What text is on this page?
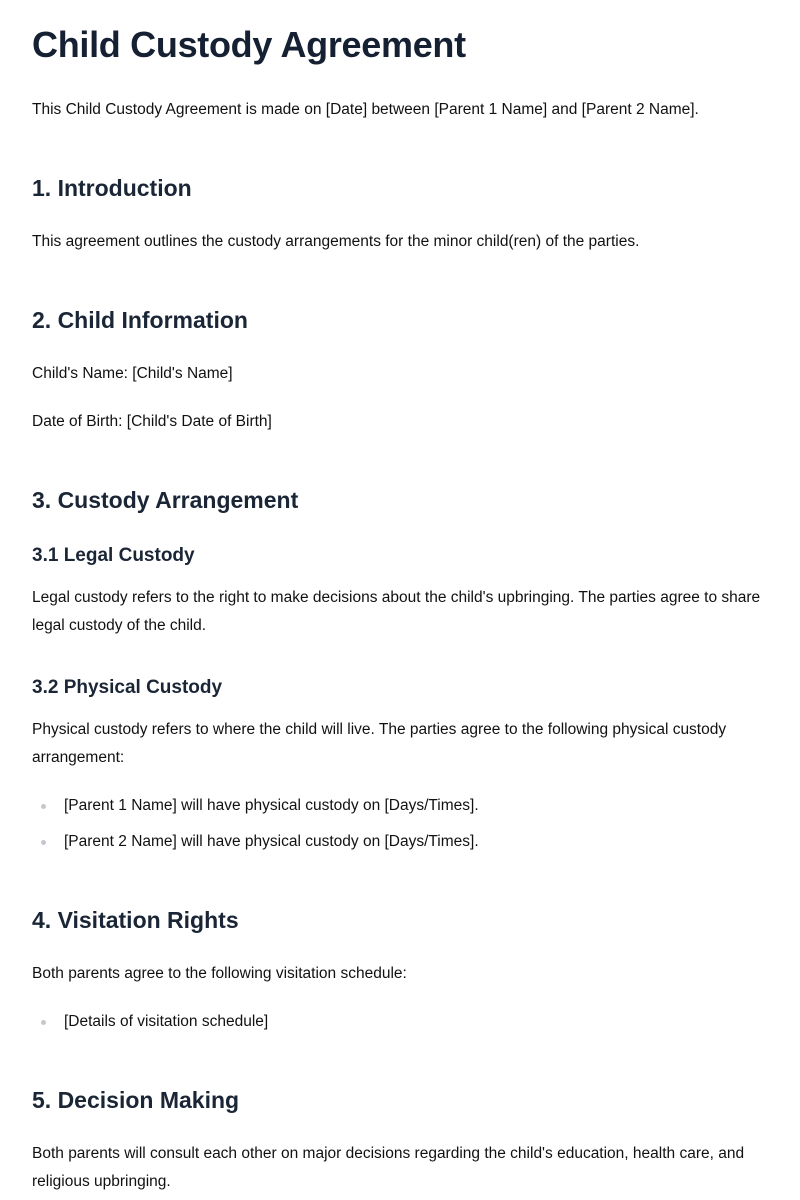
Child Custody Agreement

This Child Custody Agreement is made on [Date] between [Parent 1 Name] and [Parent 2 Name].

1. Introduction

This agreement outlines the custody arrangements for the minor child(ren) of the parties.

2. Child Information

Child's Name: [Child's Name]

Date of Birth: [Child's Date of Birth]

3. Custody Arrangement
3.1 Legal Custody

Legal custody refers to the right to make decisions about the child's upbringing. The parties agree to share legal custody of the child.

3.2 Physical Custody

Physical custody refers to where the child will live. The parties agree to the following physical custody arrangement:

[Parent 1 Name] will have physical custody on [Days/Times].
[Parent 2 Name] will have physical custody on [Days/Times].
4. Visitation Rights

Both parents agree to the following visitation schedule:

[Details of visitation schedule]
5. Decision Making

Both parents will consult each other on major decisions regarding the child's education, health care, and religious upbringing.
